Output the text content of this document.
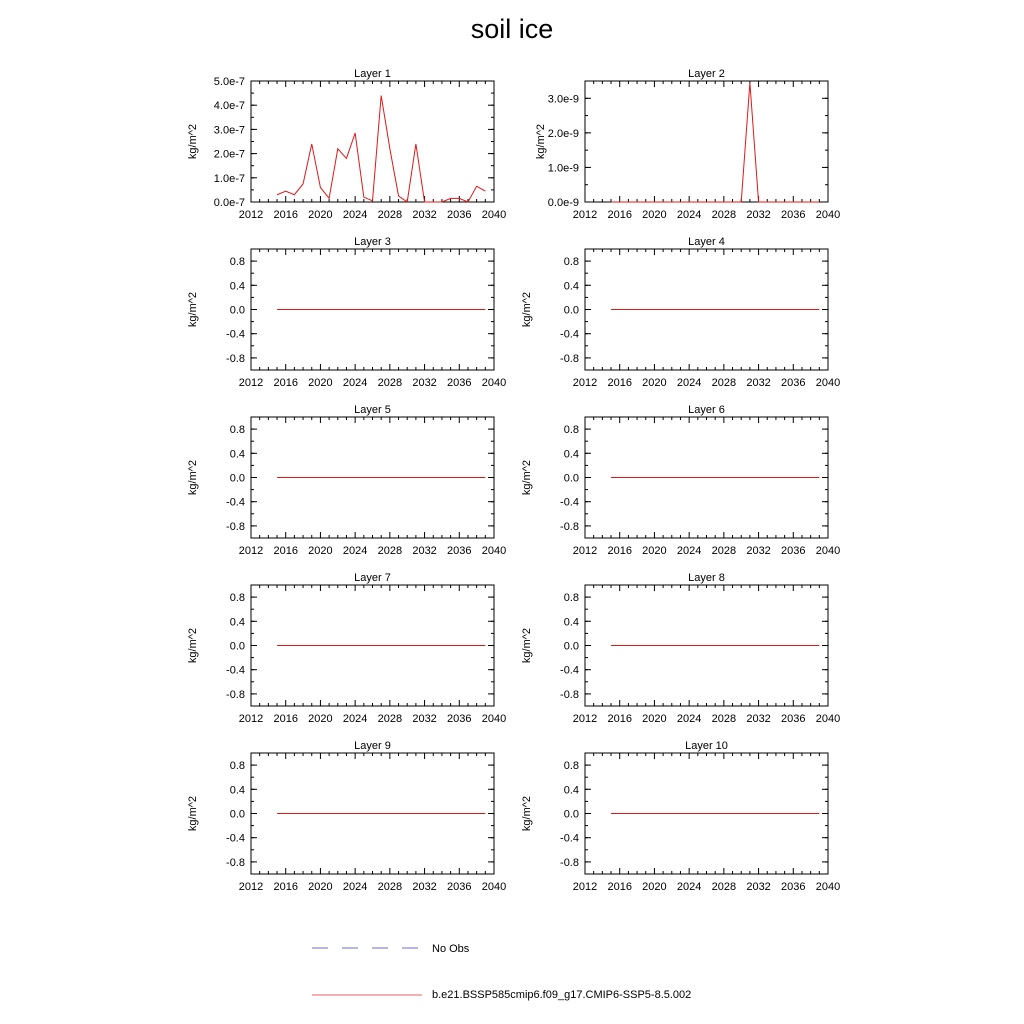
soil ice
Layer 1
2012 2016 2020 2024 2028 2032 2036 2040
0.0e-7
1.0e-7
2.0e-7
3.0e-7
4.0e-7
5.0e-7
kg/m^2
Layer 2
2012 2016 2020 2024 2028 2032 2036 2040
0.0e-9
1.0e-9
2.0e-9
3.0e-9
kg/m^2
Layer 3
2012 2016 2020 2024 2028 2032 2036 2040
-0.8
-0.4
0.0
0.4
0.8
kg/m^2
Layer 4
2012 2016 2020 2024 2028 2032 2036 2040
-0.8
-0.4
0.0
0.4
0.8
kg/m^2
Layer 5
2012 2016 2020 2024 2028 2032 2036 2040
-0.8
-0.4
0.0
0.4
0.8
kg/m^2
Layer 6
2012 2016 2020 2024 2028 2032 2036 2040
-0.8
-0.4
0.0
0.4
0.8
kg/m^2
Layer 7
2012 2016 2020 2024 2028 2032 2036 2040
-0.8
-0.4
0.0
0.4
0.8
kg/m^2
Layer 8
2012 2016 2020 2024 2028 2032 2036 2040
-0.8
-0.4
0.0
0.4
0.8
kg/m^2
Layer 9
2012 2016 2020 2024 2028 2032 2036 2040
-0.8
-0.4
0.0
0.4
0.8
kg/m^2
Layer 10
2012 2016 2020 2024 2028 2032 2036 2040
-0.8
-0.4
0.0
0.4
0.8
kg/m^2
No Obs
b.e21.BSSP585cmip6.f09_g17.CMIP6-SSP5-8.5.002
